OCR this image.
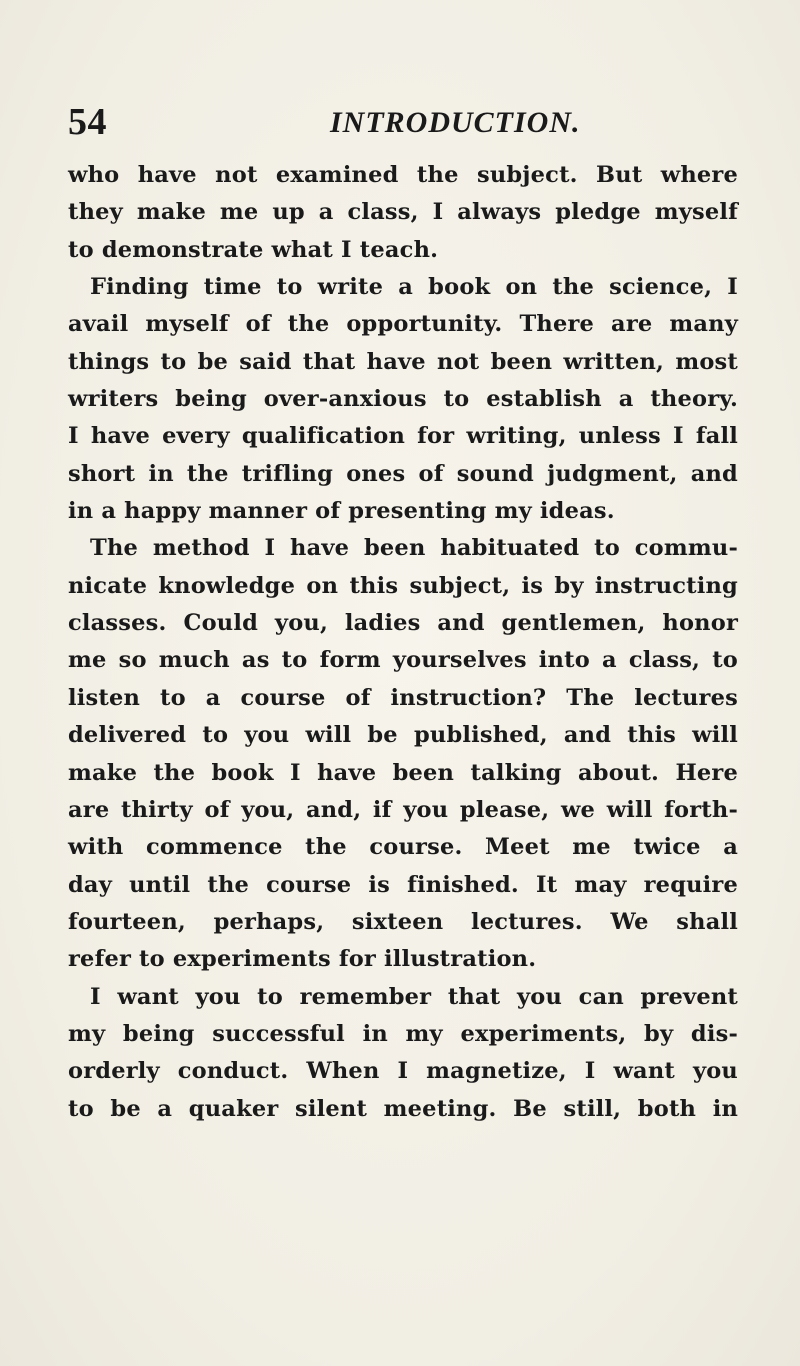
54	INTRODUCTION.
who have not examined the subject. But where
they make me up a class, I always pledge myself
to demonstrate what I teach.
Finding time to write a book on the science, I
avail myself of the opportunity. There are many
things to be said that have not been written, most
writers being over-anxious to establish a theory.
I have every qualification for writing, unless I fall
short in the trifling ones of sound judgment, and
in a happy manner of presenting my ideas.
The method I have been habituated to commu-
nicate knowledge on this subject, is by instructing
classes. Could you, ladies and gentlemen, honor
me so much as to form yourselves into a class, to
listen to a course of instruction? The lectures
delivered to you will be published, and this will
make the book I have been talking about. Here
are thirty of you, and, if you please, we will forth-
with commence the course. Meet me twice a
day until the course is finished. It may require
fourteen, perhaps, sixteen lectures. We shall
refer to experiments for illustration.
I want you to remember that you can prevent
my being successful in my experiments, by dis-
orderly conduct. When I magnetize, I want you
to be a quaker silent meeting. Be still, both in
